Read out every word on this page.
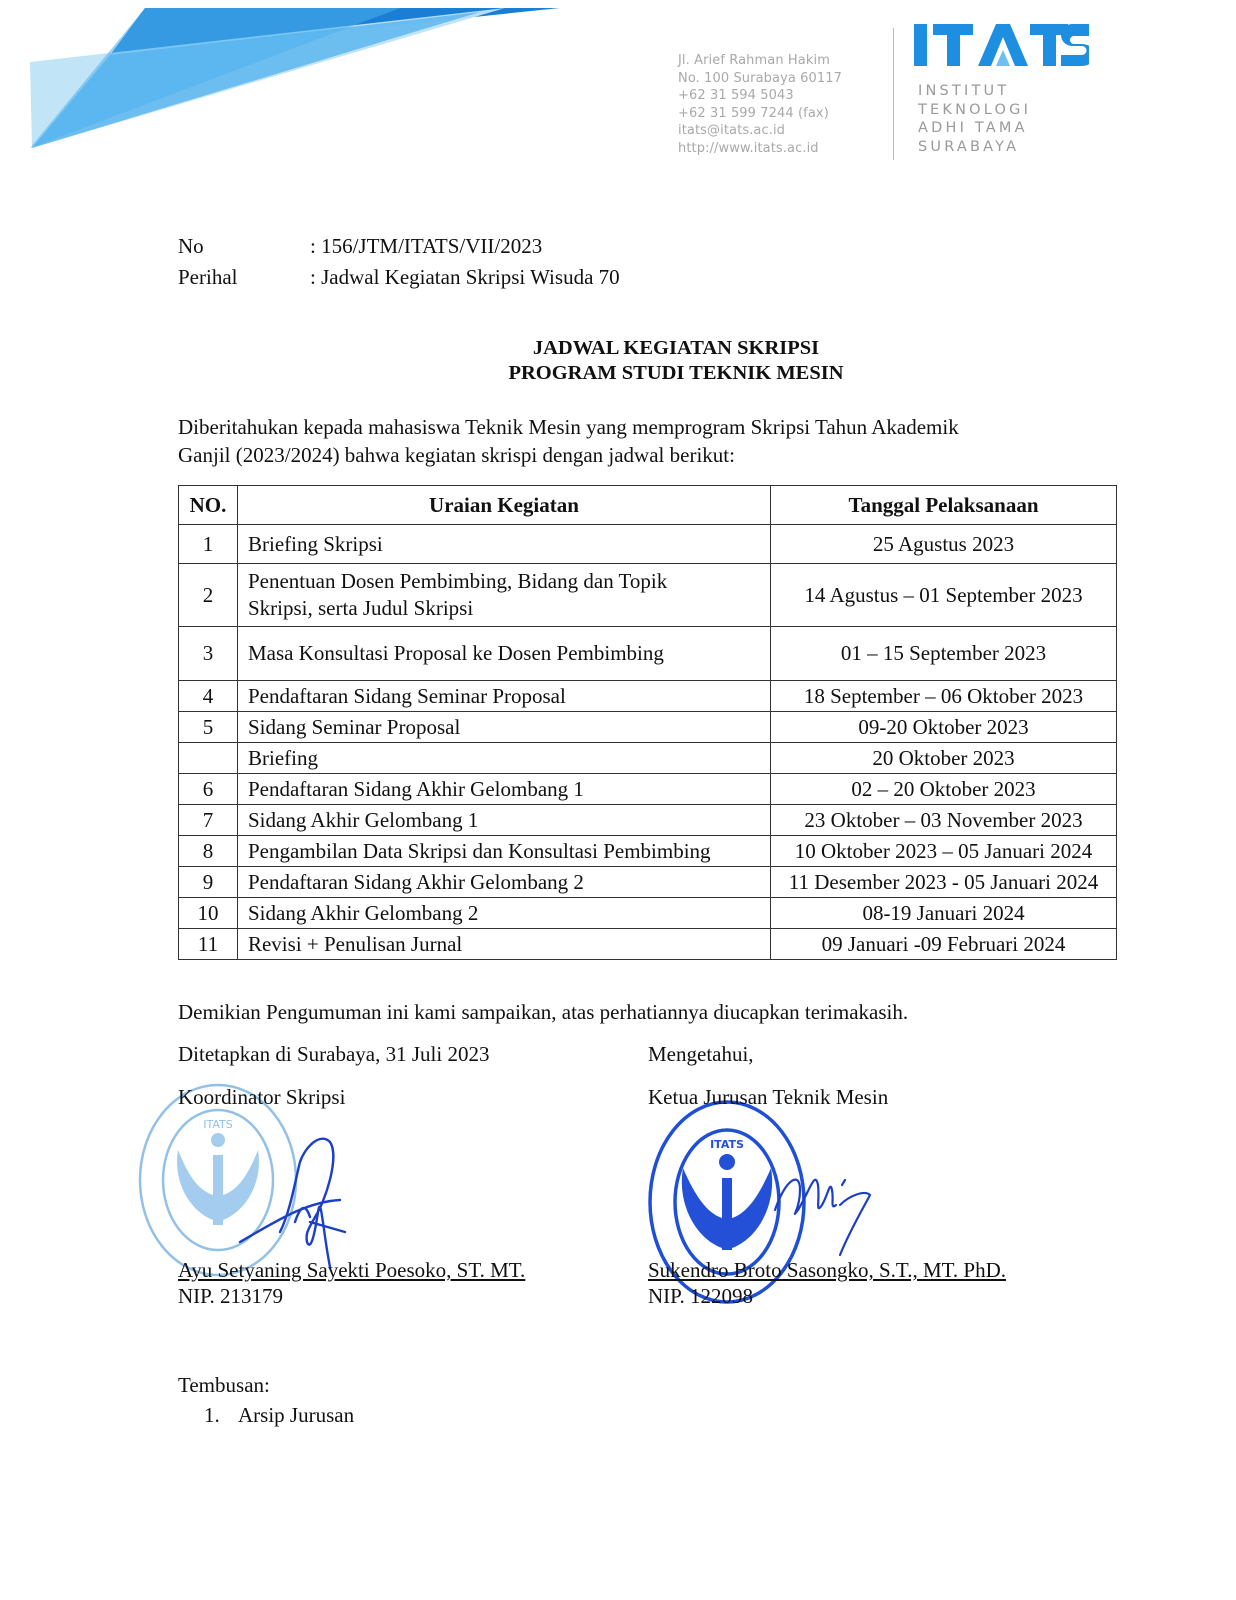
Jl. Arief Rahman Hakim
No. 100 Surabaya 60117
+62 31 594 5043
+62 31 599 7244 (fax)
itats@itats.ac.id
http://www.itats.ac.id
INSTITUT
TEKNOLOGI
ADHI TAMA
SURABAYA
No	: 156/JTM/ITATS/VII/2023
Perihal	: Jadwal Kegiatan Skripsi Wisuda 70
JADWAL KEGIATAN SKRIPSI
PROGRAM STUDI TEKNIK MESIN
Diberitahukan kepada mahasiswa Teknik Mesin yang memprogram Skripsi Tahun Akademik
Ganjil (2023/2024) bahwa kegiatan skrispi dengan jadwal berikut:
NO.	Uraian Kegiatan	Tanggal Pelaksanaan
1	Briefing Skripsi	25 Agustus 2023
2	Penentuan Dosen Pembimbing, Bidang dan Topik
Skripsi, serta Judul Skripsi	14 Agustus – 01 September 2023
3	Masa Konsultasi Proposal ke Dosen Pembimbing	01 – 15 September 2023
4	Pendaftaran Sidang Seminar Proposal	18 September – 06 Oktober 2023
5	Sidang Seminar Proposal	09-20 Oktober 2023
	Briefing	20 Oktober 2023
6	Pendaftaran Sidang Akhir Gelombang 1	02 – 20 Oktober 2023
7	Sidang Akhir Gelombang 1	23 Oktober – 03 November 2023
8	Pengambilan Data Skripsi dan Konsultasi Pembimbing	10 Oktober 2023 – 05 Januari 2024
9	Pendaftaran Sidang Akhir Gelombang 2	11 Desember 2023 - 05 Januari 2024
10	Sidang Akhir Gelombang 2	08-19 Januari 2024
11	Revisi + Penulisan Jurnal	09 Januari -09 Februari 2024
Demikian Pengumuman ini kami sampaikan, atas perhatiannya diucapkan terimakasih.
Ditetapkan di Surabaya, 31 Juli 2023
ITATS
Koordinator Skripsi
Ayu Setyaning Sayekti Poesoko, ST. MT.
NIP. 213179
Mengetahui,
ITATS
Ketua Jurusan Teknik Mesin
Sukendro Broto Sasongko, S.T., MT. PhD.
NIP. 122098
Tembusan:
1. Arsip Jurusan
